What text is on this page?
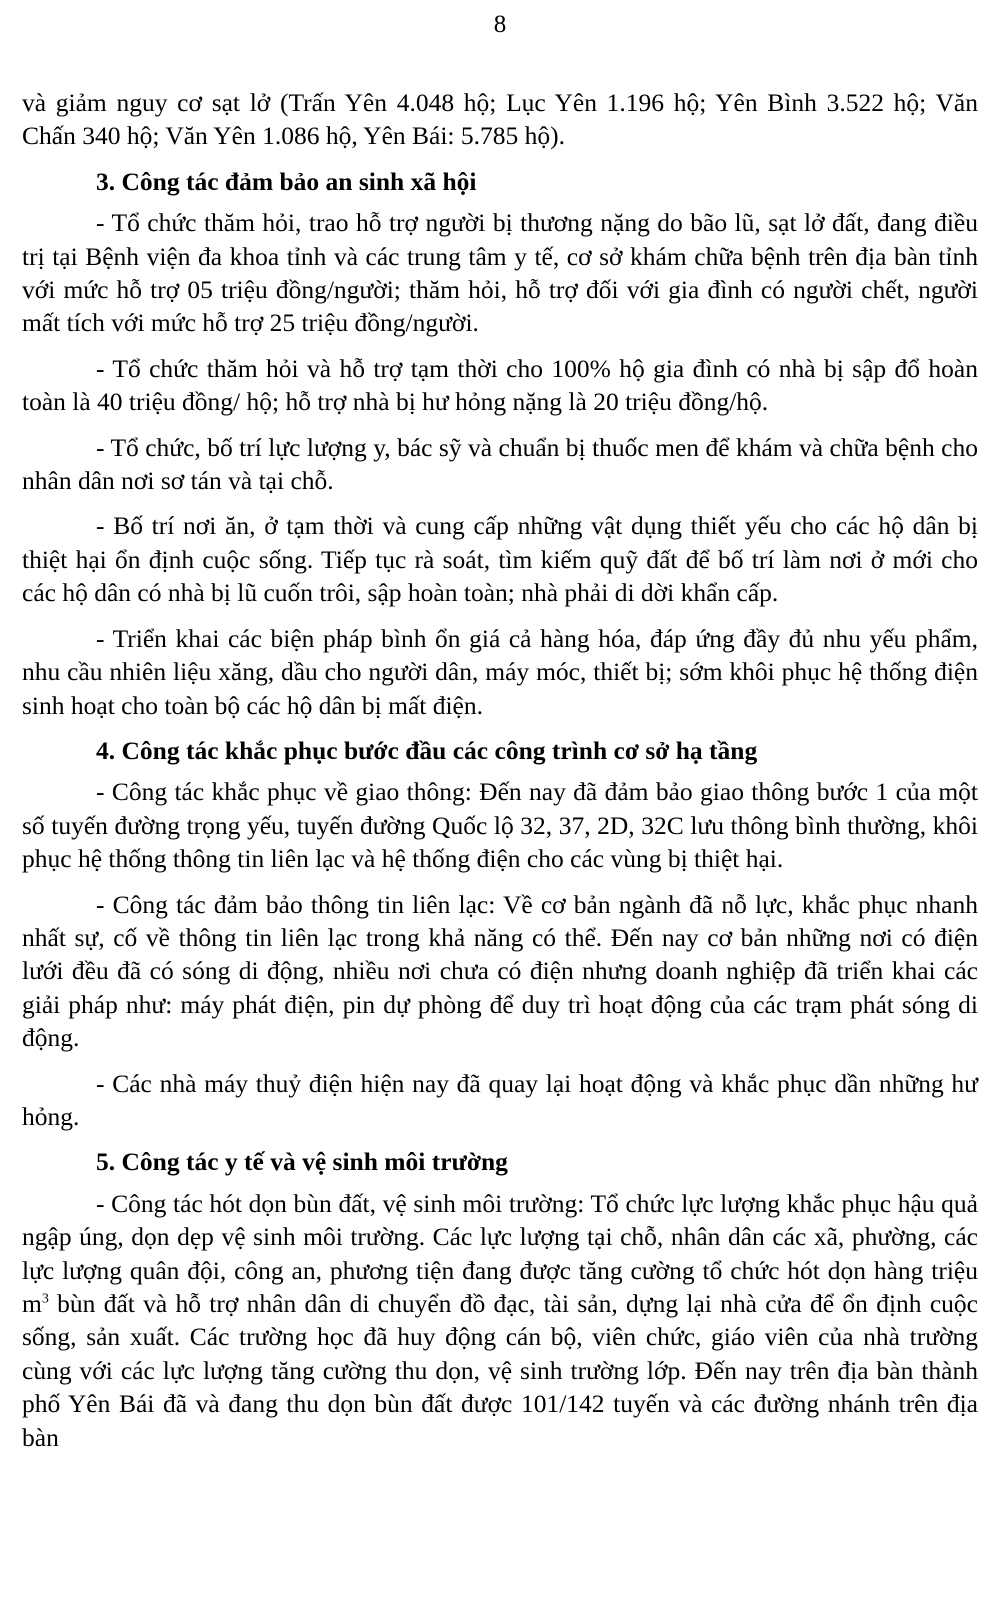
8

và giảm nguy cơ sạt lở (Trấn Yên 4.048 hộ; Lục Yên 1.196 hộ; Yên Bình 3.522 hộ; Văn Chấn 340 hộ; Văn Yên 1.086 hộ, Yên Bái: 5.785 hộ).

3. Công tác đảm bảo an sinh xã hội

- Tổ chức thăm hỏi, trao hỗ trợ người bị thương nặng do bão lũ, sạt lở đất, đang điều trị tại Bệnh viện đa khoa tỉnh và các trung tâm y tế, cơ sở khám chữa bệnh trên địa bàn tỉnh với mức hỗ trợ 05 triệu đồng/người; thăm hỏi, hỗ trợ đối với gia đình có người chết, người mất tích với mức hỗ trợ 25 triệu đồng/người.

- Tổ chức thăm hỏi và hỗ trợ tạm thời cho 100% hộ gia đình có nhà bị sập đổ hoàn toàn là 40 triệu đồng/ hộ; hỗ trợ nhà bị hư hỏng nặng là 20 triệu đồng/hộ.

- Tổ chức, bố trí lực lượng y, bác sỹ và chuẩn bị thuốc men để khám và chữa bệnh cho nhân dân nơi sơ tán và tại chỗ.

- Bố trí nơi ăn, ở tạm thời và cung cấp những vật dụng thiết yếu cho các hộ dân bị thiệt hại ổn định cuộc sống. Tiếp tục rà soát, tìm kiếm quỹ đất để bố trí làm nơi ở mới cho các hộ dân có nhà bị lũ cuốn trôi, sập hoàn toàn; nhà phải di dời khẩn cấp.

- Triển khai các biện pháp bình ổn giá cả hàng hóa, đáp ứng đầy đủ nhu yếu phẩm, nhu cầu nhiên liệu xăng, dầu cho người dân, máy móc, thiết bị; sớm khôi phục hệ thống điện sinh hoạt cho toàn bộ các hộ dân bị mất điện.

4. Công tác khắc phục bước đầu các công trình cơ sở hạ tầng

- Công tác khắc phục về giao thông: Đến nay đã đảm bảo giao thông bước 1 của một số tuyến đường trọng yếu, tuyến đường Quốc lộ 32, 37, 2D, 32C lưu thông bình thường, khôi phục hệ thống thông tin liên lạc và hệ thống điện cho các vùng bị thiệt hại.

- Công tác đảm bảo thông tin liên lạc: Về cơ bản ngành đã nỗ lực, khắc phục nhanh nhất sự, cố về thông tin liên lạc trong khả năng có thể. Đến nay cơ bản những nơi có điện lưới đều đã có sóng di động, nhiều nơi chưa có điện nhưng doanh nghiệp đã triển khai các giải pháp như: máy phát điện, pin dự phòng để duy trì hoạt động của các trạm phát sóng di động.

- Các nhà máy thuỷ điện hiện nay đã quay lại hoạt động và khắc phục dần những hư hỏng.

5. Công tác y tế và vệ sinh môi trường

- Công tác hót dọn bùn đất, vệ sinh môi trường: Tổ chức lực lượng khắc phục hậu quả ngập úng, dọn dẹp vệ sinh môi trường. Các lực lượng tại chỗ, nhân dân các xã, phường, các lực lượng quân đội, công an, phương tiện đang được tăng cường tổ chức hót dọn hàng triệu $m^3$ bùn đất và hỗ trợ nhân dân di chuyển đồ đạc, tài sản, dựng lại nhà cửa để ổn định cuộc sống, sản xuất. Các trường học đã huy động cán bộ, viên chức, giáo viên của nhà trường cùng với các lực lượng tăng cường thu dọn, vệ sinh trường lớp. Đến nay trên địa bàn thành phố Yên Bái đã và đang thu dọn bùn đất được 101/142 tuyến và các đường nhánh trên địa bàn
